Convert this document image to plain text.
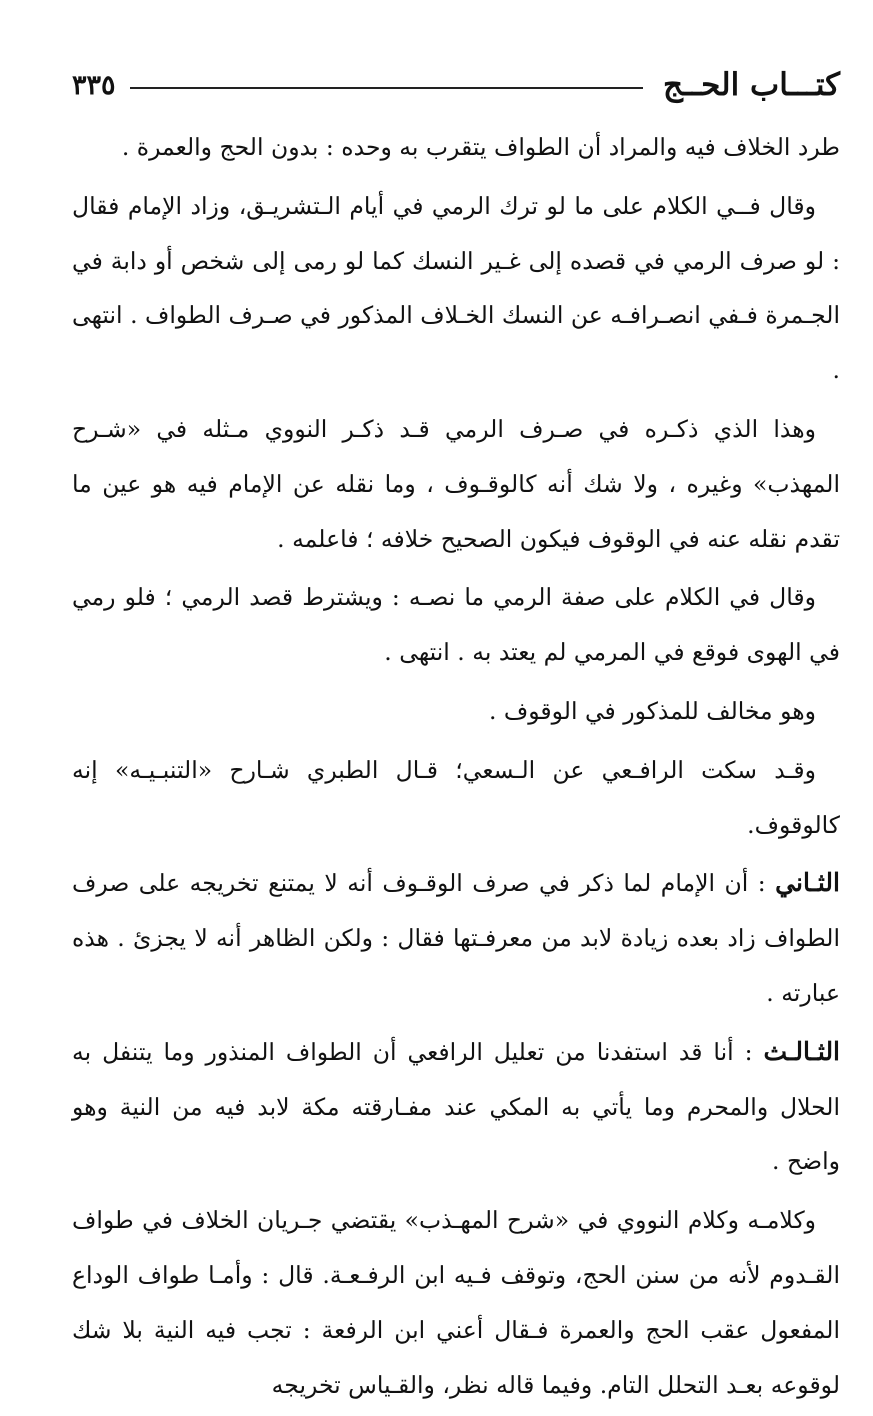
كتـــاب الحــج
٣٣٥

طرد الخلاف فيه والمراد أن الطواف يتقرب به وحده : بدون الحج والعمرة .

وقال فــي الكلام على ما لو ترك الرمي في أيام الـتشريـق، وزاد الإمام فقال : لو صرف الرمي في قصده إلى غـير النسك كما لو رمى إلى شخص أو دابة في الجـمرة فـفي انصـرافـه عن النسك الخـلاف المذكور في صـرف الطواف . انتهى .

وهذا الذي ذكـره في صـرف الرمي قـد ذكـر النووي مـثله في «شـرح المهذب» وغيره ، ولا شك أنه كالوقـوف ، وما نقله عن الإمام فيه هو عين ما تقدم نقله عنه في الوقوف فيكون الصحيح خلافه ؛ فاعلمه .

وقال في الكلام على صفة الرمي ما نصـه : ويشترط قصد الرمي ؛ فلو رمي في الهوى فوقع في المرمي لم يعتد به . انتهى .

وهو مخالف للمذكور في الوقوف .

وقـد سكت الرافـعي عن الـسعي؛ قـال الطبري شـارح «التنبـيـه» إنه كالوقوف.

الثـاني : أن الإمام لما ذكر في صرف الوقـوف أنه لا يمتنع تخريجه على صرف الطواف زاد بعده زيادة لابد من معرفـتها فقال : ولكن الظاهر أنه لا يجزئ . هذه عبارته .

الثـالـث : أنا قد استفدنا من تعليل الرافعي أن الطواف المنذور وما يتنفل به الحلال والمحرم وما يأتي به المكي عند مفـارقته مكة لابد فيه من النية وهو واضح .

وكلامـه وكلام النووي في «شرح المهـذب» يقتضي جـريان الخلاف في طواف القـدوم لأنه من سنن الحج، وتوقف فـيه ابن الرفـعـة. قال : وأمـا طواف الوداع المفعول عقب الحج والعمرة فـقال أعني ابن الرفعة : تجب فيه النية بلا شك لوقوعه بعـد التحلل التام. وفيما قاله نظر، والقـياس تخريجه
